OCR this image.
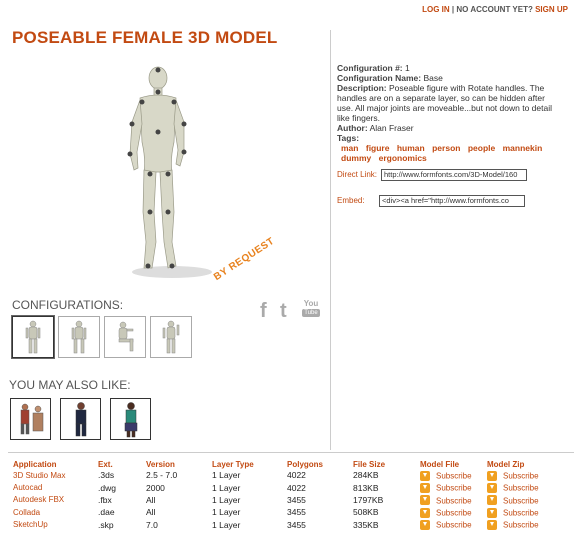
LOG IN | NO ACCOUNT YET? SIGN UP
POSEABLE FEMALE 3D MODEL
BY REQUEST
Configuration #: 1
Configuration Name: Base
Description: Poseable figure with Rotate handles. The handles are on a separate layer, so can be hidden after use. All major joints are moveable...but not down to detail like fingers.
Author: Alan Fraser
Tags:
man figure human person people mannekin dummy ergonomics
Direct Link: http://www.formfonts.com/3D-Model/160
Embed:	<div><a href="http://www.formfonts.co
f t You
Tube
CONFIGURATIONS:
YOU MAY ALSO LIKE:
Application	Ext.	Version	Layer Type	Polygons	File Size	Model File	Model Zip
3D Studio Max	.3ds	2.5 - 7.0	1 Layer	4022	284KB	Subscribe	Subscribe
Autocad	.dwg	2000	1 Layer	4022	813KB	Subscribe	Subscribe
Autodesk FBX	.fbx	All	1 Layer	3455	1797KB	Subscribe	Subscribe
Collada	.dae	All	1 Layer	3455	508KB	Subscribe	Subscribe
SketchUp	.skp	7.0	1 Layer	3455	335KB	Subscribe	Subscribe
